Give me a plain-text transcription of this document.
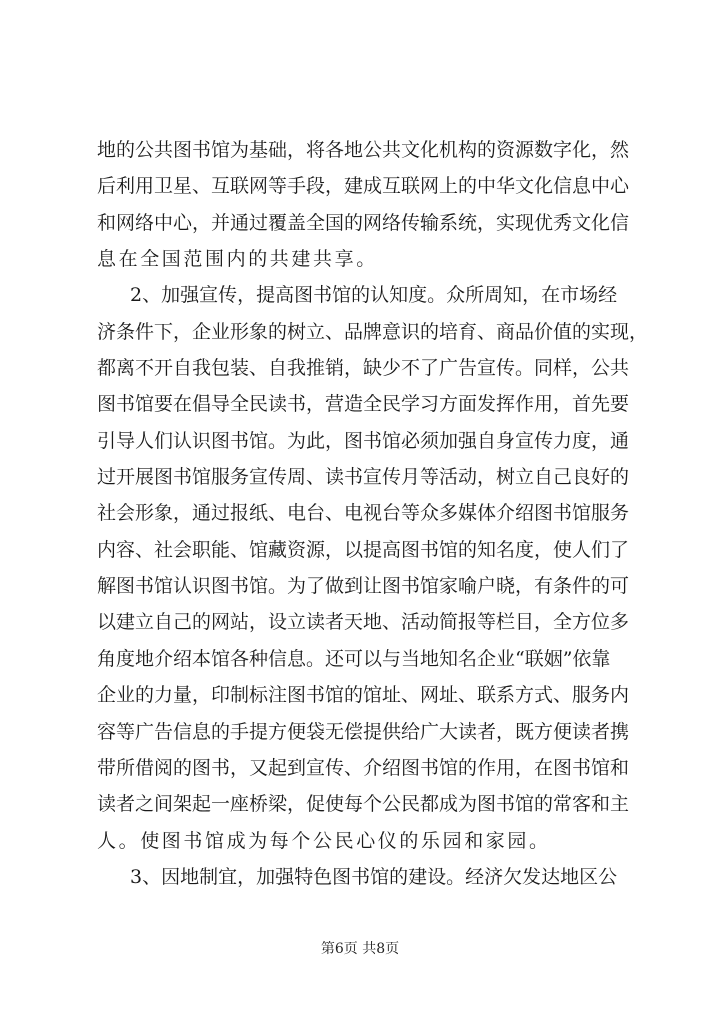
地的公共图书馆为基础，将各地公共文化机构的资源数字化，然
后利用卫星、互联网等手段，建成互联网上的中华文化信息中心
和网络中心，并通过覆盖全国的网络传输系统，实现优秀文化信
息在全国范围内的共建共享。
2、加强宣传，提高图书馆的认知度。众所周知，在市场经
济条件下，企业形象的树立、品牌意识的培育、商品价值的实现，
都离不开自我包装、自我推销，缺少不了广告宣传。同样，公共
图书馆要在倡导全民读书，营造全民学习方面发挥作用，首先要
引导人们认识图书馆。为此，图书馆必须加强自身宣传力度，通
过开展图书馆服务宣传周、读书宣传月等活动，树立自己良好的
社会形象，通过报纸、电台、电视台等众多媒体介绍图书馆服务
内容、社会职能、馆藏资源，以提高图书馆的知名度，使人们了
解图书馆认识图书馆。为了做到让图书馆家喻户晓，有条件的可
以建立自己的网站，设立读者天地、活动简报等栏目，全方位多
角度地介绍本馆各种信息。还可以与当地知名企业“联姻”依靠
企业的力量，印制标注图书馆的馆址、网址、联系方式、服务内
容等广告信息的手提方便袋无偿提供给广大读者，既方便读者携
带所借阅的图书，又起到宣传、介绍图书馆的作用，在图书馆和
读者之间架起一座桥梁，促使每个公民都成为图书馆的常客和主
人。使图书馆成为每个公民心仪的乐园和家园。
3、因地制宜，加强特色图书馆的建设。经济欠发达地区公
第6页 共8页
